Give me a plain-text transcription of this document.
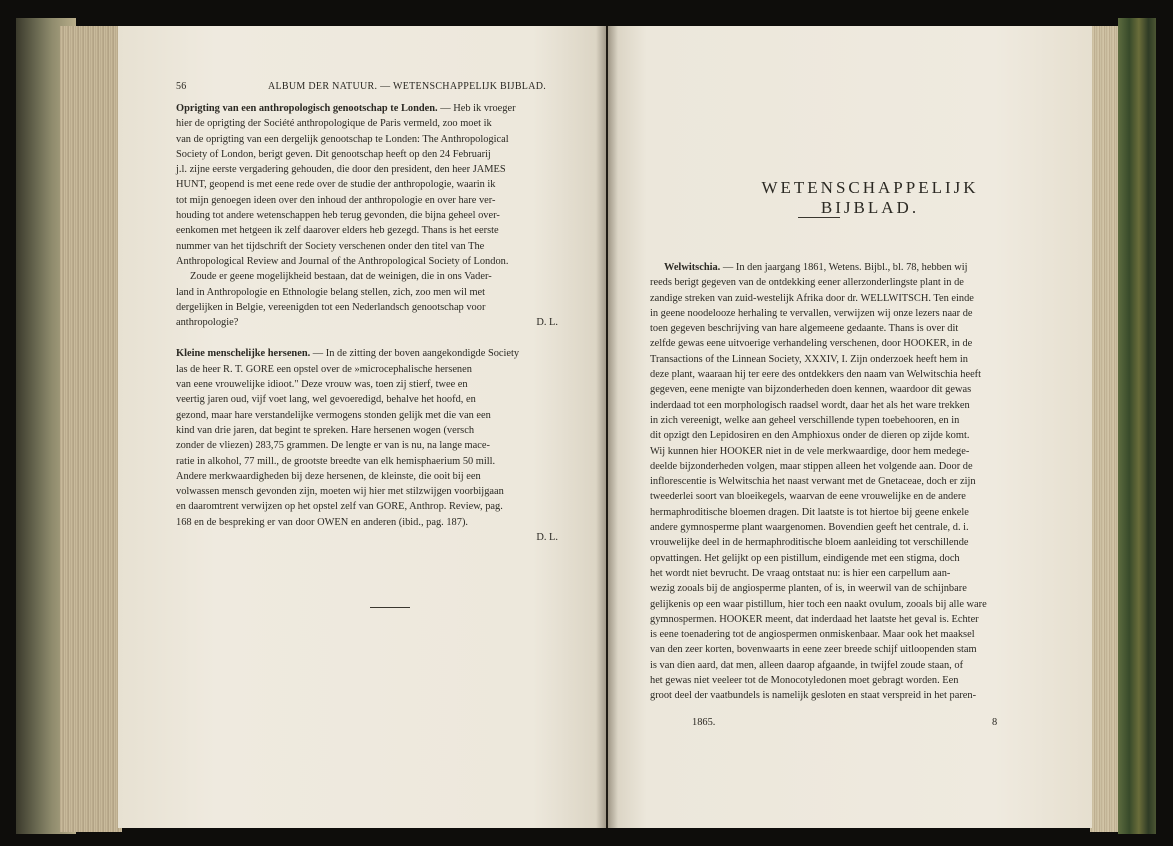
56	ALBUM DER NATUUR. — WETENSCHAPPELIJK BIJBLAD.

Oprigting van een anthropologisch genootschap te Londen. — Heb ik vroeger

hier de oprigting der Société anthropologique de Paris vermeld, zoo moet ik

van de oprigting van een dergelijk genootschap te Londen: The Anthropological

Society of London, berigt geven. Dit genootschap heeft op den 24 Februarij

j.l. zijne eerste vergadering gehouden, die door den president, den heer JAMES

HUNT, geopend is met eene rede over de studie der anthropologie, waarin ik

tot mijn genoegen ideen over den inhoud der anthropologie en over hare ver-

houding tot andere wetenschappen heb terug gevonden, die bijna geheel over-

eenkomen met hetgeen ik zelf daarover elders heb gezegd. Thans is het eerste

nummer van het tijdschrift der Society verschenen onder den titel van The

Anthropological Review and Journal of the Anthropological Society of London.

Zoude er geene mogelijkheid bestaan, dat de weinigen, die in ons Vader-

land in Anthropologie en Ethnologie belang stellen, zich, zoo men wil met

dergelijken in Belgie, vereenigden tot een Nederlandsch genootschap voor

anthropologie?	D. L.

Kleine menschelijke hersenen. — In de zitting der boven aangekondigde Society

las de heer R. T. GORE een opstel over de »microcephalische hersenen

van eene vrouwelijke idioot." Deze vrouw was, toen zij stierf, twee en

veertig jaren oud, vijf voet lang, wel gevoeredigd, behalve het hoofd, en

gezond, maar hare verstandelijke vermogens stonden gelijk met die van een

kind van drie jaren, dat begint te spreken. Hare hersenen wogen (versch

zonder de vliezen) 283,75 grammen. De lengte er van is nu, na lange mace-

ratie in alkohol, 77 mill., de grootste breedte van elk hemisphaerium 50 mill.

Andere merkwaardigheden bij deze hersenen, de kleinste, die ooit bij een

volwassen mensch gevonden zijn, moeten wij hier met stilzwijgen voorbijgaan

en daaromtrent verwijzen op het opstel zelf van GORE, Anthrop. Review, pag.

168 en de bespreking er van door OWEN en anderen (ibid., pag. 187).

D. L.

WETENSCHAPPELIJK BIJBLAD.

Welwitschia. — In den jaargang 1861, Wetens. Bijbl., bl. 78, hebben wij

reeds berigt gegeven van de ontdekking eener allerzonderlingste plant in de

zandige streken van zuid-westelijk Afrika door dr. WELLWITSCH. Ten einde

in geene noodelooze herhaling te vervallen, verwijzen wij onze lezers naar de

toen gegeven beschrijving van hare algemeene gedaante. Thans is over dit

zelfde gewas eene uitvoerige verhandeling verschenen, door HOOKER, in de

Transactions of the Linnean Society, XXXIV, I. Zijn onderzoek heeft hem in

deze plant, waaraan hij ter eere des ontdekkers den naam van Welwitschia heeft

gegeven, eene menigte van bijzonderheden doen kennen, waardoor dit gewas

inderdaad tot een morphologisch raadsel wordt, daar het als het ware trekken

in zich vereenigt, welke aan geheel verschillende typen toebehooren, en in

dit opzigt den Lepidosiren en den Amphioxus onder de dieren op zijde komt.

Wij kunnen hier HOOKER niet in de vele merkwaardige, door hem medege-

deelde bijzonderheden volgen, maar stippen alleen het volgende aan. Door de

inflorescentie is Welwitschia het naast verwant met de Gnetaceae, doch er zijn

tweederlei soort van bloeikegels, waarvan de eene vrouwelijke en de andere

hermaphroditische bloemen dragen. Dit laatste is tot hiertoe bij geene enkele

andere gymnosperme plant waargenomen. Bovendien geeft het centrale, d. i.

vrouwelijke deel in de hermaphroditische bloem aanleiding tot verschillende

opvattingen. Het gelijkt op een pistillum, eindigende met een stigma, doch

het wordt niet bevrucht. De vraag ontstaat nu: is hier een carpellum aan-

wezig zooals bij de angiosperme planten, of is, in weerwil van de schijnbare

gelijkenis op een waar pistillum, hier toch een naakt ovulum, zooals bij alle ware

gymnospermen. HOOKER meent, dat inderdaad het laatste het geval is. Echter

is eene toenadering tot de angiospermen onmiskenbaar. Maar ook het maaksel

van den zeer korten, bovenwaarts in eene zeer breede schijf uitloopenden stam

is van dien aard, dat men, alleen daarop afgaande, in twijfel zoude staan, of

het gewas niet veeleer tot de Monocotyledonen moet gebragt worden. Een

groot deel der vaatbundels is namelijk gesloten en staat verspreid in het paren-

1865.	8
